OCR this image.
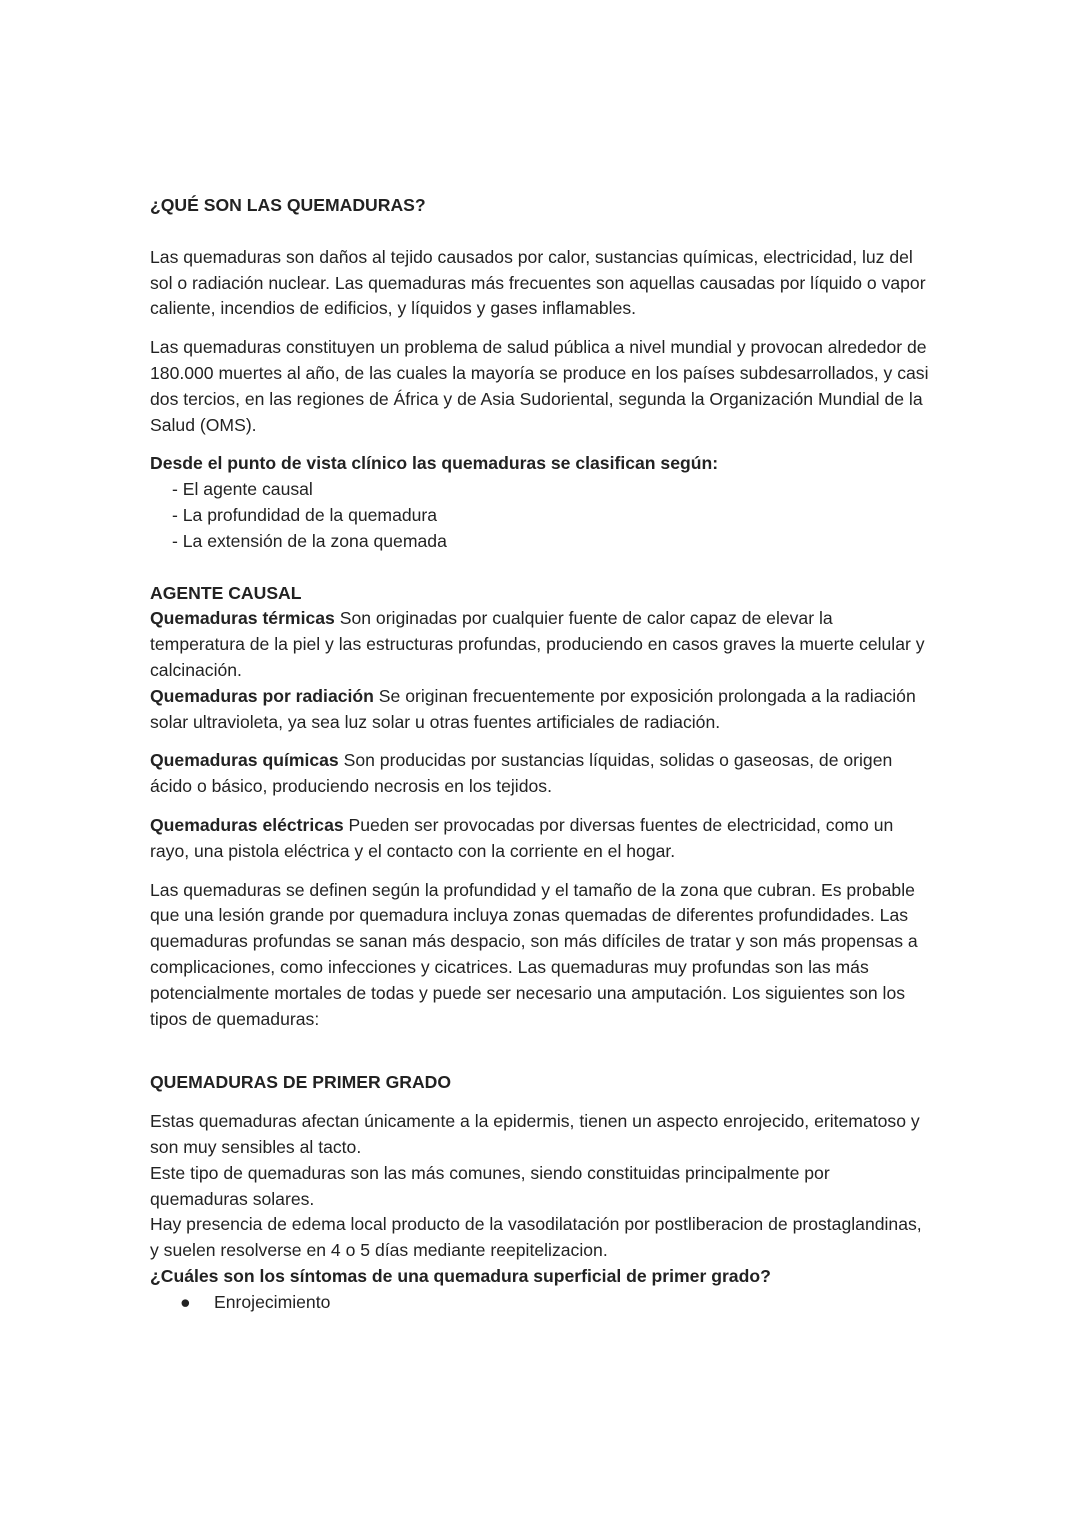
¿QUÉ SON LAS QUEMADURAS?

Las quemaduras son daños al tejido causados por calor, sustancias químicas, electricidad, luz del sol o radiación nuclear. Las quemaduras más frecuentes son aquellas causadas por líquido o vapor caliente, incendios de edificios, y líquidos y gases inflamables.

Las quemaduras constituyen un problema de salud pública a nivel mundial y provocan alrededor de 180.000 muertes al año, de las cuales la mayoría se produce en los países subdesarrollados, y casi dos tercios, en las regiones de África y de Asia Sudoriental, segunda la Organización Mundial de la Salud (OMS).

Desde el punto de vista clínico las quemaduras se clasifican según:

- El agente causal
- La profundidad de la quemadura
- La extensión de la zona quemada

AGENTE CAUSAL

Quemaduras térmicas Son originadas por cualquier fuente de calor capaz de elevar la temperatura de la piel y las estructuras profundas, produciendo en casos graves la muerte celular y calcinación.

Quemaduras por radiación Se originan frecuentemente por exposición prolongada a la radiación solar ultravioleta, ya sea luz solar u otras fuentes artificiales de radiación.

Quemaduras químicas Son producidas por sustancias líquidas, solidas o gaseosas, de origen ácido o básico, produciendo necrosis en los tejidos.

Quemaduras eléctricas Pueden ser provocadas por diversas fuentes de electricidad, como un rayo, una pistola eléctrica y el contacto con la corriente en el hogar.

Las quemaduras se definen según la profundidad y el tamaño de la zona que cubran. Es probable que una lesión grande por quemadura incluya zonas quemadas de diferentes profundidades. Las quemaduras profundas se sanan más despacio, son más difíciles de tratar y son más propensas a complicaciones, como infecciones y cicatrices. Las quemaduras muy profundas son las más potencialmente mortales de todas y puede ser necesario una amputación. Los siguientes son los tipos de quemaduras:

QUEMADURAS DE PRIMER GRADO

Estas quemaduras afectan únicamente a la epidermis, tienen un aspecto enrojecido, eritematoso y son muy sensibles al tacto.

Este tipo de quemaduras son las más comunes, siendo constituidas principalmente por quemaduras solares.

Hay presencia de edema local producto de la vasodilatación por postliberacion de prostaglandinas, y suelen resolverse en 4 o 5 días mediante reepitelizacion.

¿Cuáles son los síntomas de una quemadura superficial de primer grado?

●	Enrojecimiento
